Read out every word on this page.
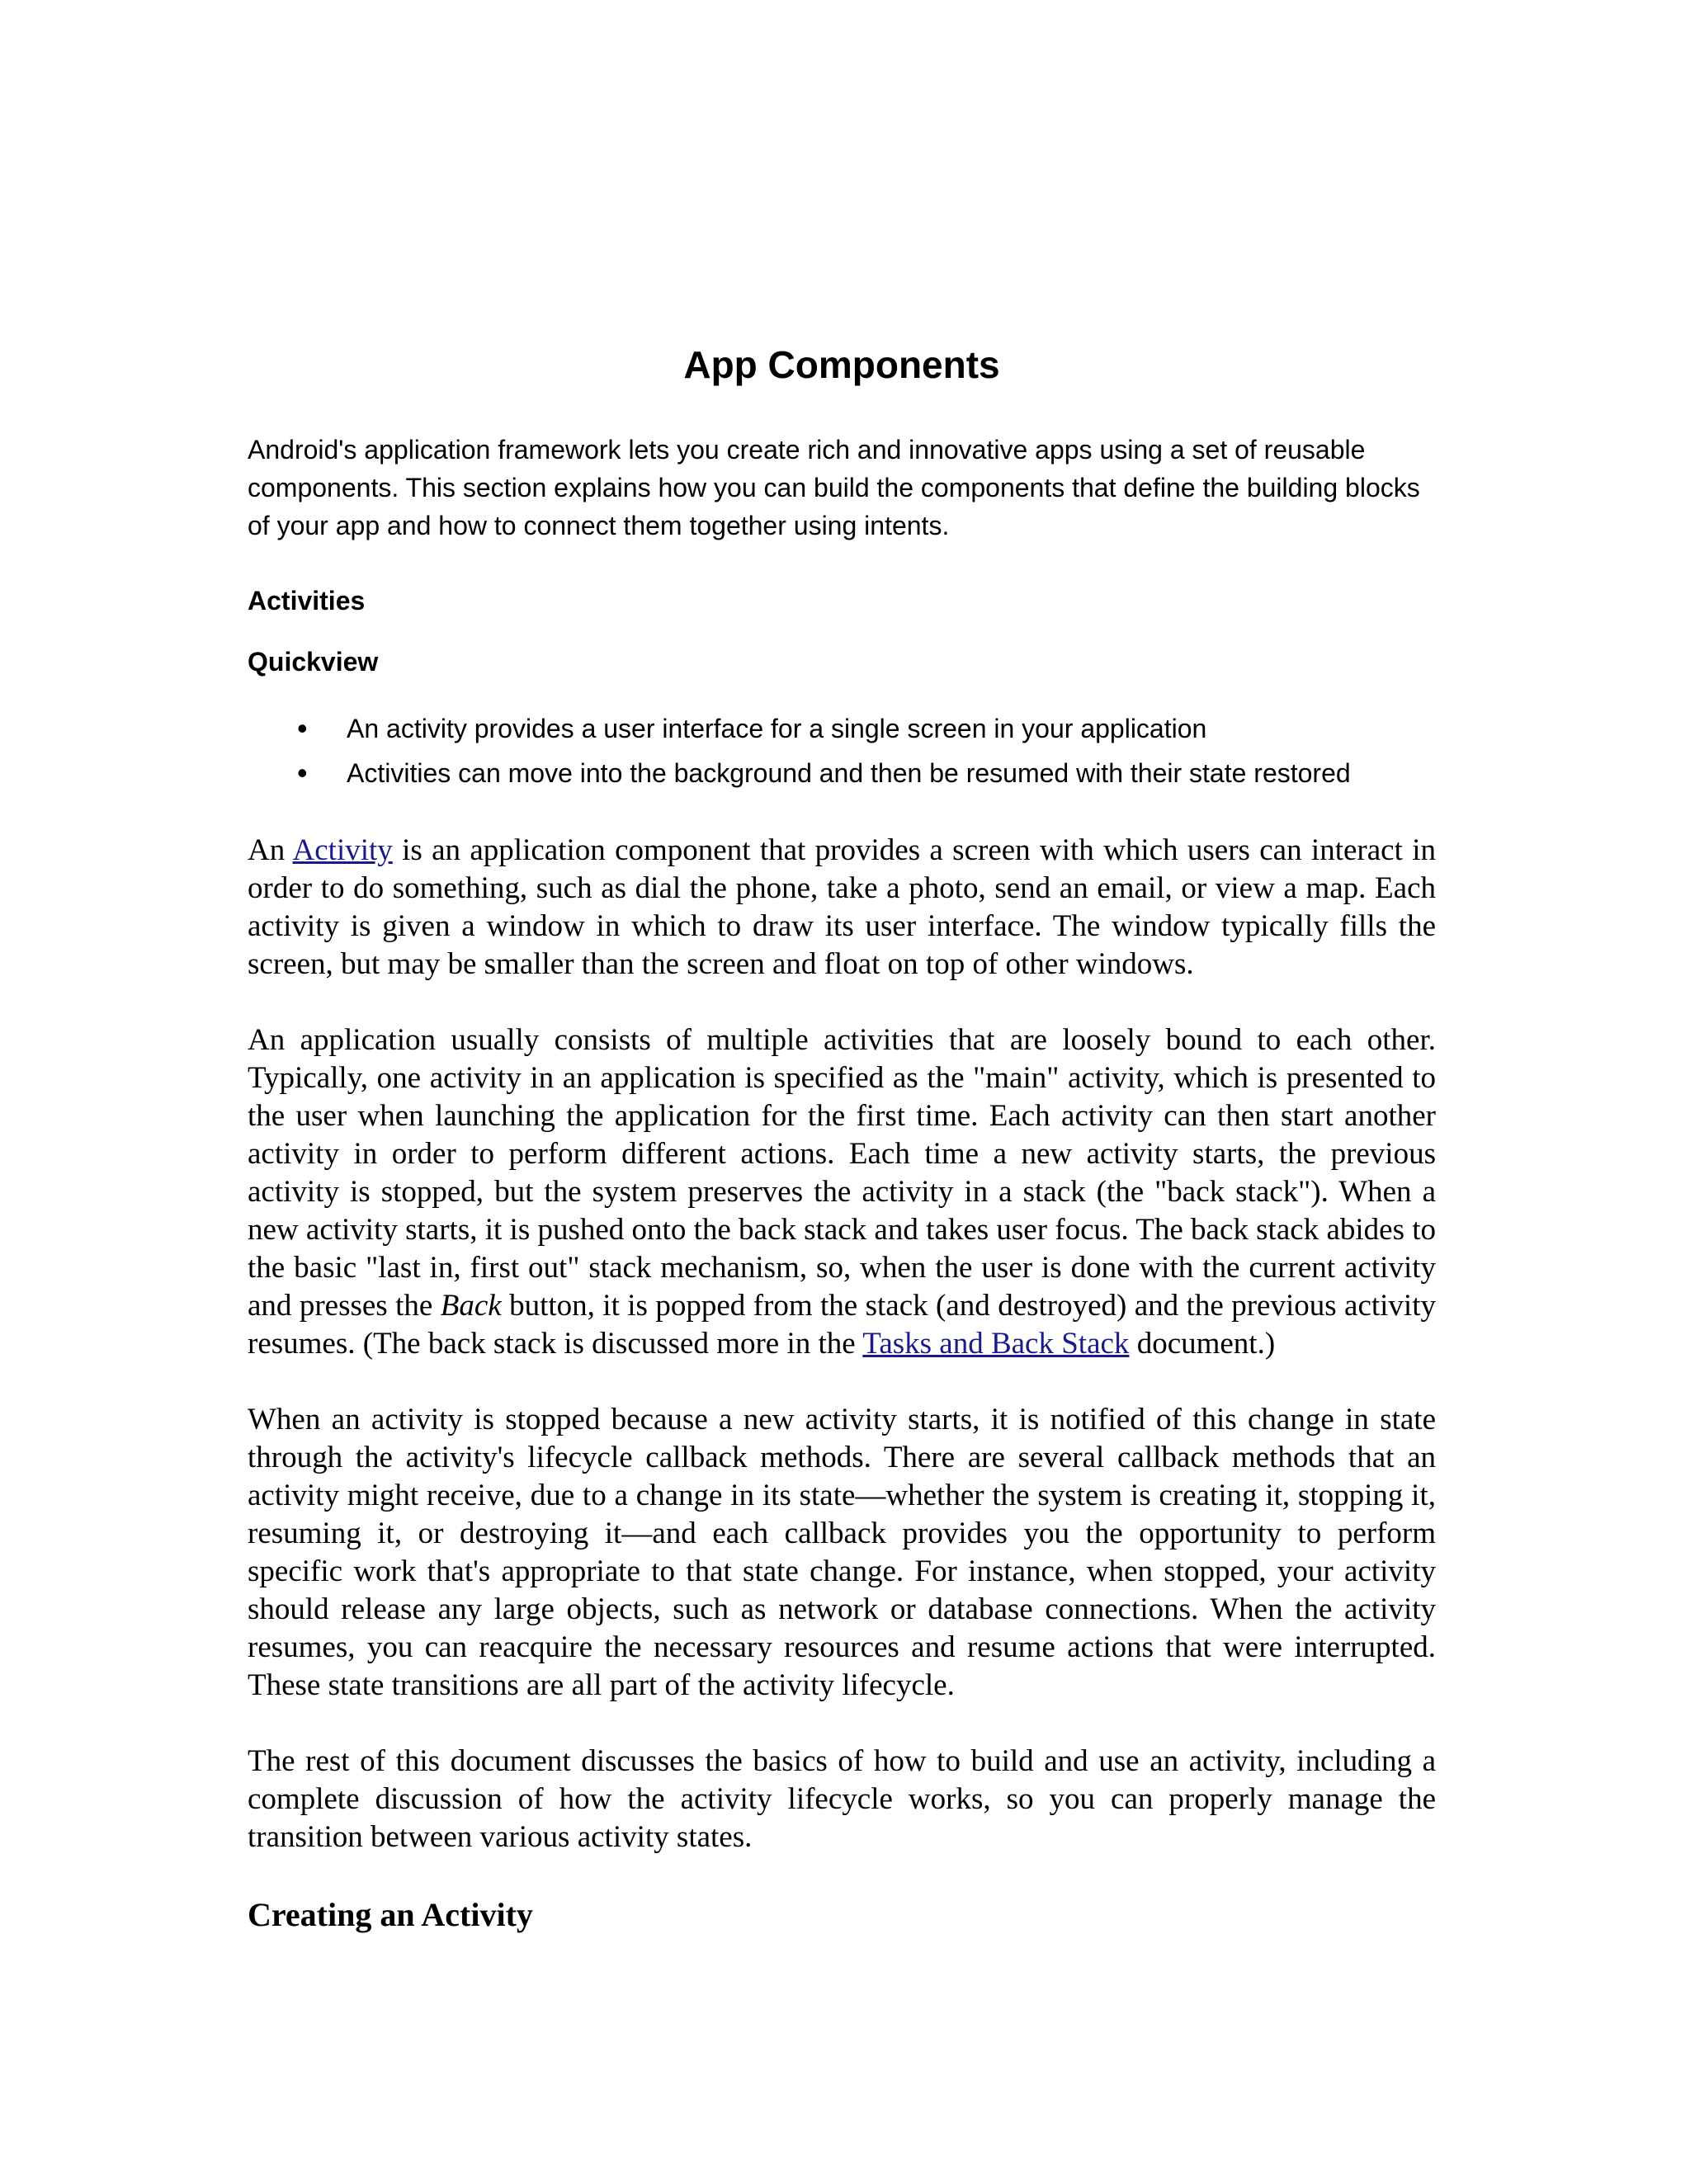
App Components

Android's application framework lets you create rich and innovative apps using a set of reusable components. This section explains how you can build the components that define the building blocks of your app and how to connect them together using intents.

Activities
Quickview
• An activity provides a user interface for a single screen in your application
• Activities can move into the background and then be resumed with their state restored

An Activity is an application component that provides a screen with which users can interact in order to do something, such as dial the phone, take a photo, send an email, or view a map. Each activity is given a window in which to draw its user interface. The window typically fills the screen, but may be smaller than the screen and float on top of other windows.

An application usually consists of multiple activities that are loosely bound to each other. Typically, one activity in an application is specified as the "main" activity, which is presented to the user when launching the application for the first time. Each activity can then start another activity in order to perform different actions. Each time a new activity starts, the previous activity is stopped, but the system preserves the activity in a stack (the "back stack"). When a new activity starts, it is pushed onto the back stack and takes user focus. The back stack abides to the basic "last in, first out" stack mechanism, so, when the user is done with the current activity and presses the Back button, it is popped from the stack (and destroyed) and the previous activity resumes. (The back stack is discussed more in the Tasks and Back Stack document.)

When an activity is stopped because a new activity starts, it is notified of this change in state through the activity's lifecycle callback methods. There are several callback methods that an activity might receive, due to a change in its state—whether the system is creating it, stopping it, resuming it, or destroying it—and each callback provides you the opportunity to perform specific work that's appropriate to that state change. For instance, when stopped, your activity should release any large objects, such as network or database connections. When the activity resumes, you can reacquire the necessary resources and resume actions that were interrupted. These state transitions are all part of the activity lifecycle.

The rest of this document discusses the basics of how to build and use an activity, including a complete discussion of how the activity lifecycle works, so you can properly manage the transition between various activity states.

Creating an Activity
